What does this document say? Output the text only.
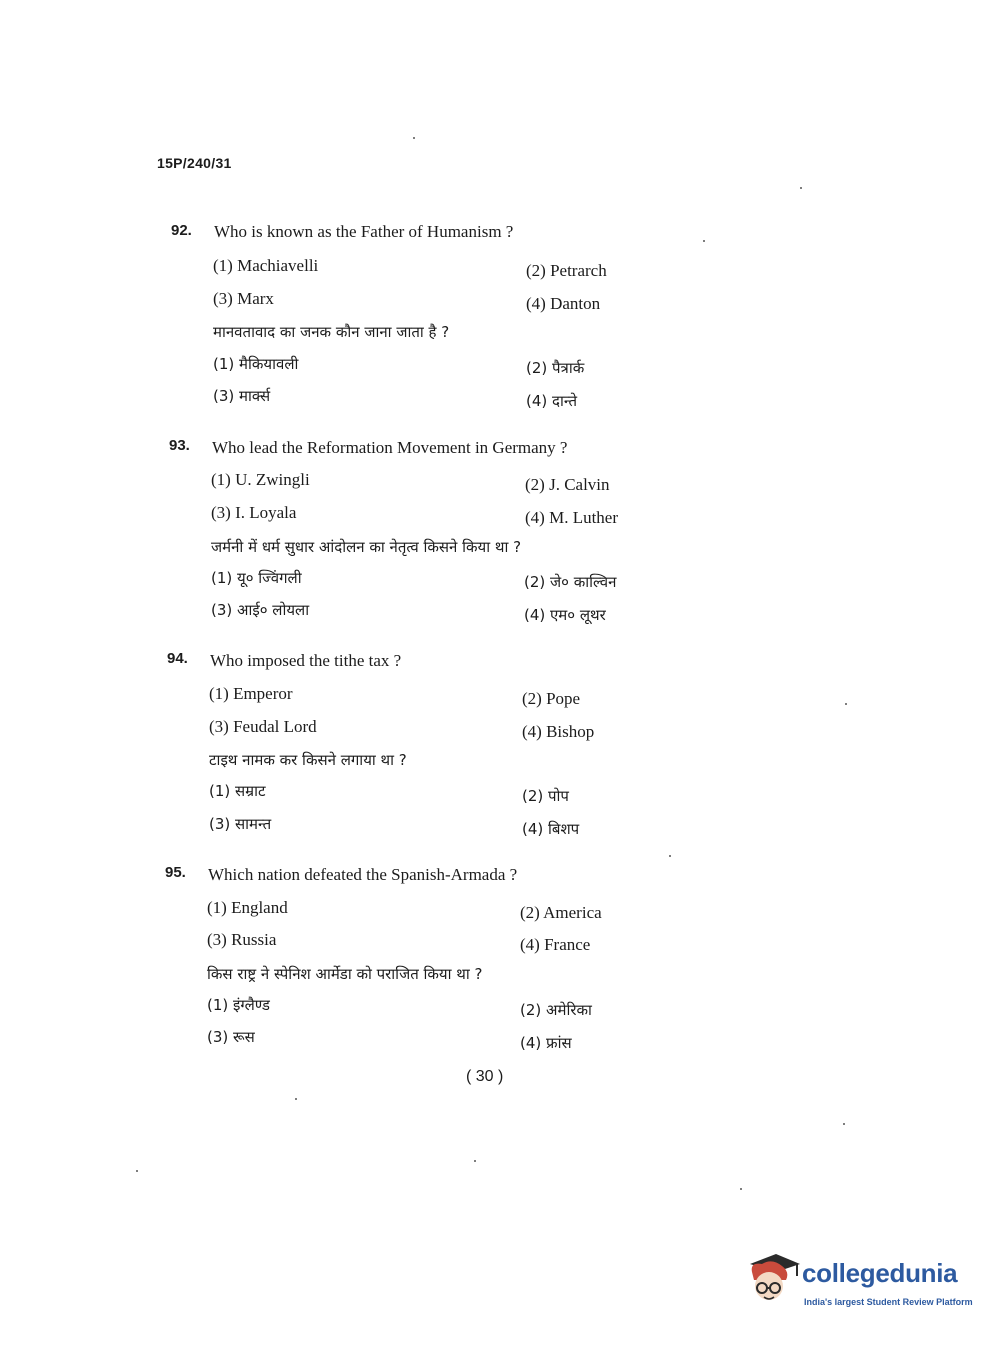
15P/240/31
92. Who is known as the Father of Humanism ?
(1) Machiavelli	(2) Petrarch
(3) Marx	(4) Danton
मानवतावाद का जनक कौन जाना जाता है ?
(1) मैकियावली	(2) पैत्रार्क
(3) मार्क्स	(4) दान्ते
93. Who lead the Reformation Movement in Germany ?
(1) U. Zwingli	(2) J. Calvin
(3) I. Loyala	(4) M. Luther
जर्मनी में धर्म सुधार आंदोलन का नेतृत्व किसने किया था ?
(1) यू० ज्विंगली	(2) जे० काल्विन
(3) आई० लोयला	(4) एम० लूथर
94. Who imposed the tithe tax ?
(1) Emperor	(2) Pope
(3) Feudal Lord	(4) Bishop
टाइथ नामक कर किसने लगाया था ?
(1) सम्राट	(2) पोप
(3) सामन्त	(4) बिशप
95. Which nation defeated the Spanish-Armada ?
(1) England	(2) America
(3) Russia	(4) France
किस राष्ट्र ने स्पेनिश आर्मेडा को पराजित किया था ?
(1) इंग्लैण्ड	(2) अमेरिका
(3) रूस	(4) फ्रांस
( 30 )
collegedunia
India's largest Student Review Platform
